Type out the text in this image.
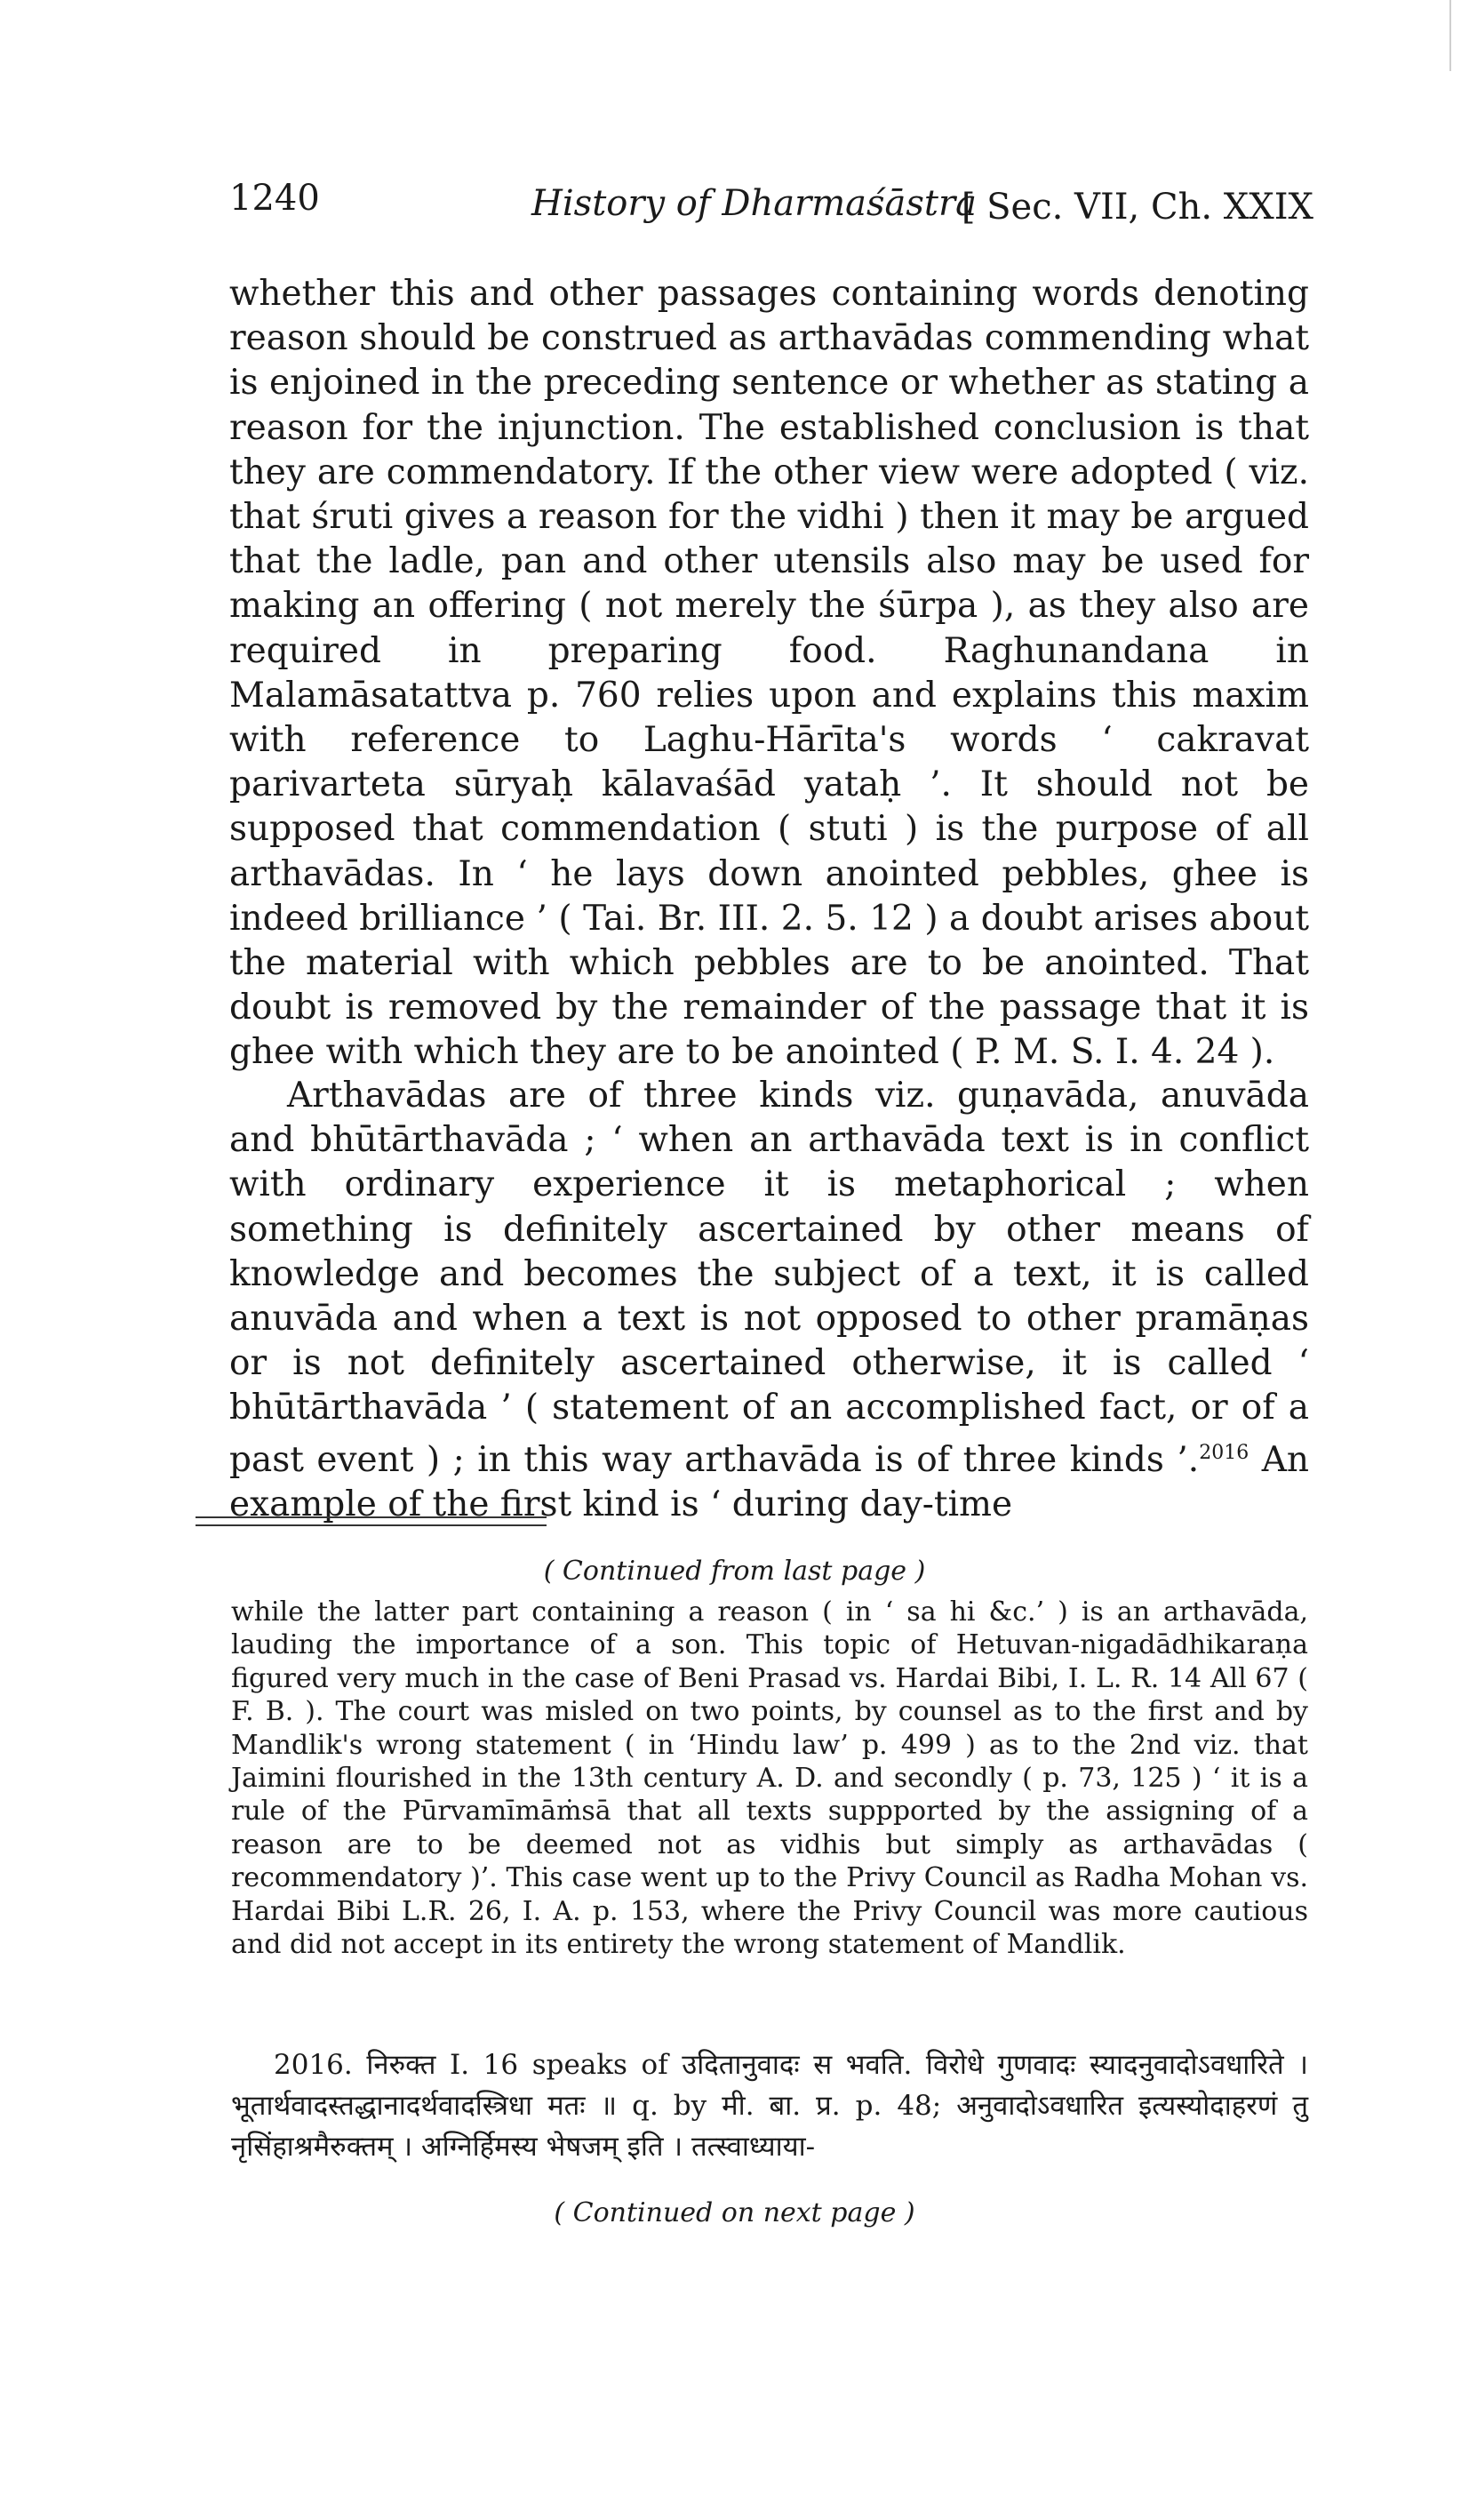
1240	History of Dharmaśāstra
[ Sec. VII, Ch. XXIX

whether this and other passages containing words denoting reason should be construed as arthavādas commending what is enjoined in the preceding sentence or whether as stating a reason for the injunction. The established conclusion is that they are commendatory. If the other view were adopted ( viz. that śruti gives a reason for the vidhi ) then it may be argued that the ladle, pan and other utensils also may be used for making an offering ( not merely the śūrpa ), as they also are required in preparing food. Raghunandana in Malamāsatattva p. 760 relies upon and explains this maxim with reference to Laghu-Hārīta's words ‘ cakravat parivarteta sūryaḥ kālavaśād yataḥ ’. It should not be supposed that commendation ( stuti ) is the purpose of all arthavādas. In ‘ he lays down anointed pebbles, ghee is indeed brilliance ’ ( Tai. Br. III. 2. 5. 12 ) a doubt arises about the material with which pebbles are to be anointed. That doubt is removed by the remainder of the passage that it is ghee with which they are to be anointed ( P. M. S. I. 4. 24 ).

Arthavādas are of three kinds viz. guṇavāda, anuvāda and bhūtārthavāda ; ‘ when an arthavāda text is in conflict with ordinary experience it is metaphorical ; when something is definitely ascertained by other means of knowledge and becomes the subject of a text, it is called anuvāda and when a text is not opposed to other pramāṇas or is not definitely ascertained otherwise, it is called ‘ bhūtārthavāda ’ ( statement of an accomplished fact, or of a past event ) ; in this way arthavāda is of three kinds ’.$^{2016}$ An example of the first kind is ‘ during day-time

( Continued from last page )

while the latter part containing a reason ( in ‘ sa hi &c.’ ) is an arthavāda, lauding the importance of a son. This topic of Hetuvan-nigadādhikaraṇa figured very much in the case of Beni Prasad vs. Hardai Bibi, I. L. R. 14 All 67 ( F. B. ). The court was misled on two points, by counsel as to the first and by Mandlik's wrong statement ( in ‘Hindu law’ p. 499 ) as to the 2nd viz. that Jaimini flourished in the 13th century A. D. and secondly ( p. 73, 125 ) ‘ it is a rule of the Pūrvamīmāṁsā that all texts suppported by the assigning of a reason are to be deemed not as vidhis but simply as arthavādas ( recommendatory )’. This case went up to the Privy Council as Radha Mohan vs. Hardai Bibi L.R. 26, I. A. p. 153, where the Privy Council was more cautious and did not accept in its entirety the wrong statement of Mandlik.

2016. निरुक्त I. 16 speaks of उदितानुवादः स भवति. विरोधे गुणवादः स्यादनुवादोऽवधारिते । भूतार्थवादस्तद्धानादर्थवादस्त्रिधा मतः ॥ q. by मी. बा. प्र. p. 48; अनुवादोऽवधारित इत्यस्योदाहरणं तु नृसिंहाश्रमैरुक्तम् । अग्निर्हिमस्य भेषजम् इति । तत्स्वाध्याया-

( Continued on next page )
